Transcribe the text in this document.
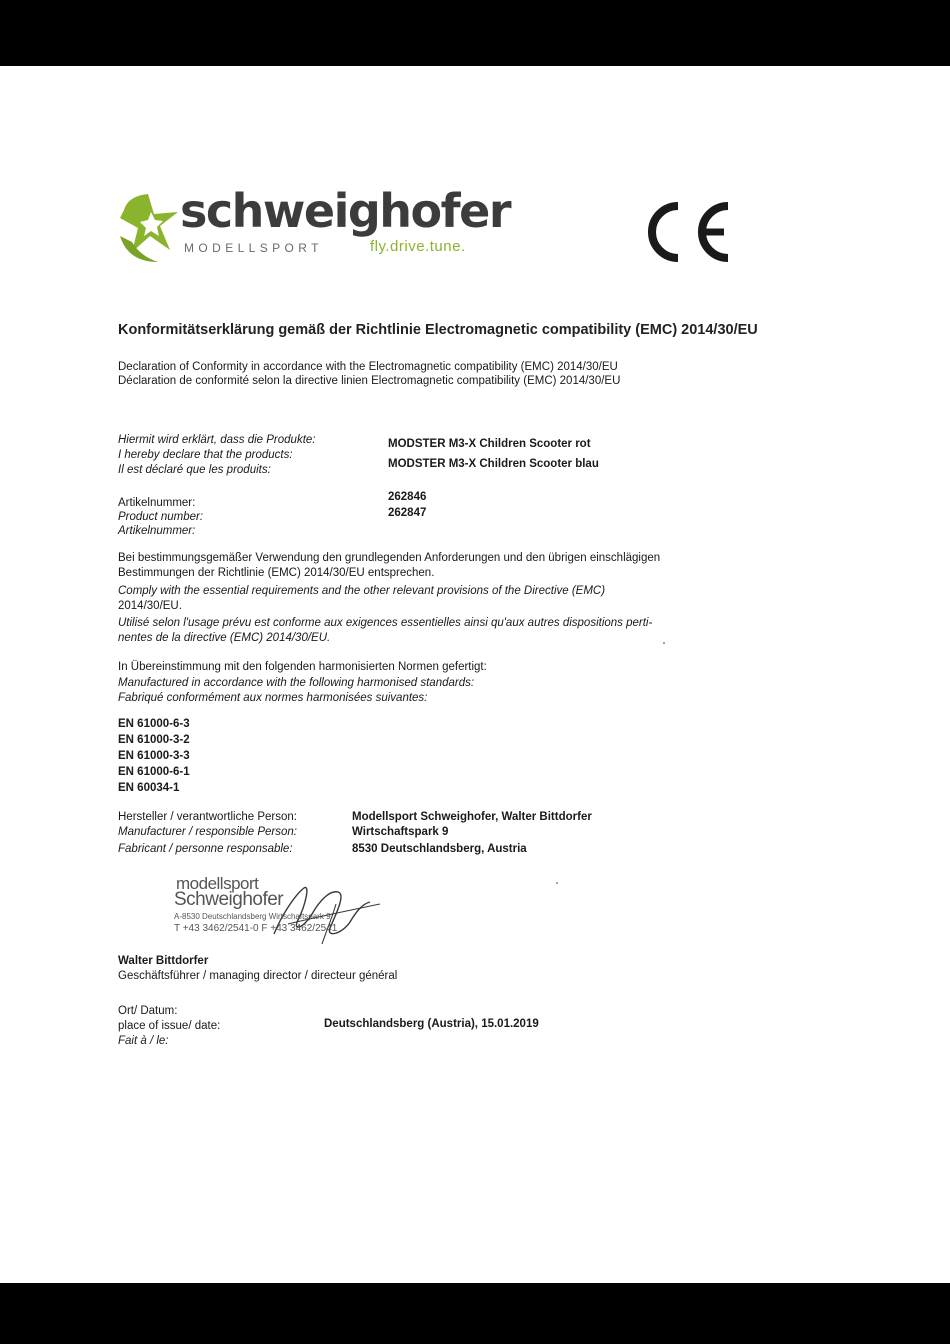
schweighofer
MODELLSPORT	fly.drive.tune.
Konformitätserklärung gemäß der Richtlinie Electromagnetic compatibility (EMC) 2014/30/EU
Declaration of Conformity in accordance with the Electromagnetic compatibility (EMC) 2014/30/EU
Déclaration de conformité selon la directive linien Electromagnetic compatibility (EMC) 2014/30/EU
Hiermit wird erklärt, dass die Produkte:
I hereby declare that the products:
Il est déclaré que les produits:
MODSTER M3-X Children Scooter rot
MODSTER M3-X Children Scooter blau
Artikelnummer:
Product number:
Artikelnummer:
262846
262847
Bei bestimmungsgemäßer Verwendung den grundlegenden Anforderungen und den übrigen einschlägigen
Bestimmungen der Richtlinie (EMC) 2014/30/EU entsprechen.
Comply with the essential requirements and the other relevant provisions of the Directive (EMC)
2014/30/EU.
Utilisé selon l'usage prévu est conforme aux exigences essentielles ainsi qu'aux autres dispositions perti-
nentes de la directive (EMC) 2014/30/EU.
In Übereinstimmung mit den folgenden harmonisierten Normen gefertigt:
Manufactured in accordance with the following harmonised standards:
Fabriqué conformément aux normes harmonisées suivantes:
EN 61000-6-3
EN 61000-3-2
EN 61000-3-3
EN 61000-6-1
EN 60034-1
Hersteller / verantwortliche Person:
Manufacturer / responsible Person:
Fabricant / personne responsable:
Modellsport Schweighofer, Walter Bittdorfer
Wirtschaftspark 9
8530 Deutschlandsberg, Austria
modellsport
Schweighofer
A-8530 Deutschlandsberg Wirtschaftspark 9
T +43 3462/2541-0 F +43 3462/2541
Walter Bittdorfer
Geschäftsführer / managing director / directeur général
Ort/ Datum:
place of issue/ date:
Fait à / le:
Deutschlandsberg (Austria), 15.01.2019
